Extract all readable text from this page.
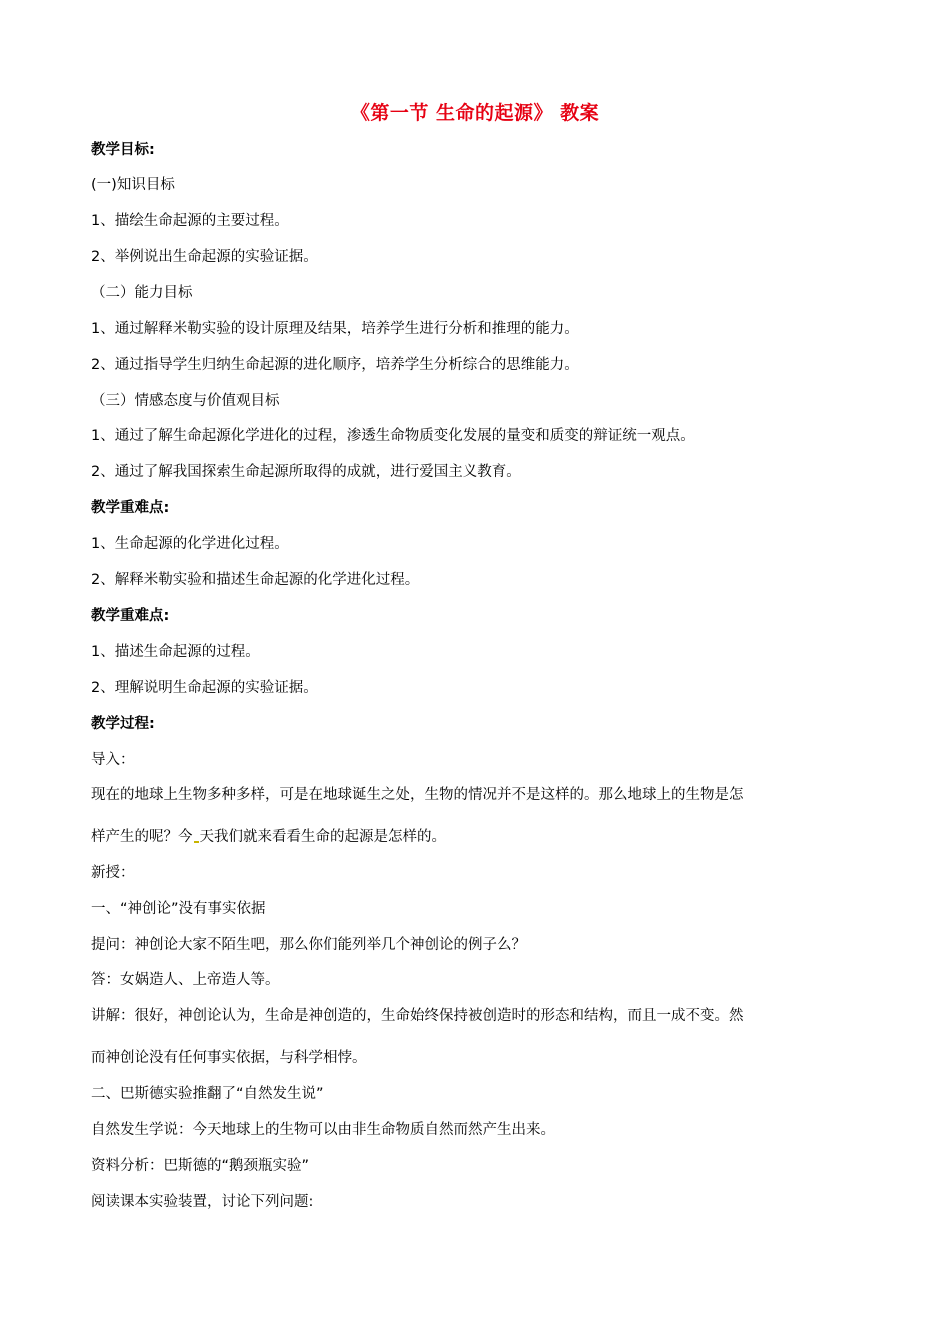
《第一节 生命的起源》 教案
教学目标:
(一)知识目标
1、描绘生命起源的主要过程。
2、举例说出生命起源的实验证据。
（二）能力目标
1、通过解释米勒实验的设计原理及结果，培养学生进行分析和推理的能力。
2、通过指导学生归纳生命起源的进化顺序，培养学生分析综合的思维能力。
（三）情感态度与价值观目标
1、通过了解生命起源化学进化的过程，渗透生命物质变化发展的量变和质变的辩证统一观点。
2、通过了解我国探索生命起源所取得的成就，进行爱国主义教育。
教学重难点:
1、生命起源的化学进化过程。
2、解释米勒实验和描述生命起源的化学进化过程。
教学重难点:
1、描述生命起源的过程。
2、理解说明生命起源的实验证据。
教学过程:
导入：
现在的地球上生物多种多样，可是在地球诞生之处，生物的情况并不是这样的。那么地球上的生物是怎
样产生的呢？今 天我们就来看看生命的起源是怎样的。
新授：
一、“神创论”没有事实依据
提问：神创论大家不陌生吧，那么你们能列举几个神创论的例子么？
答：女娲造人、上帝造人等。
讲解：很好，神创论认为，生命是神创造的，生命始终保持被创造时的形态和结构，而且一成不变。然
而神创论没有任何事实依据，与科学相悖。
二、巴斯德实验推翻了“自然发生说”
自然发生学说：今天地球上的生物可以由非生命物质自然而然产生出来。
资料分析：巴斯德的“鹅颈瓶实验”
阅读课本实验装置，讨论下列问题:
